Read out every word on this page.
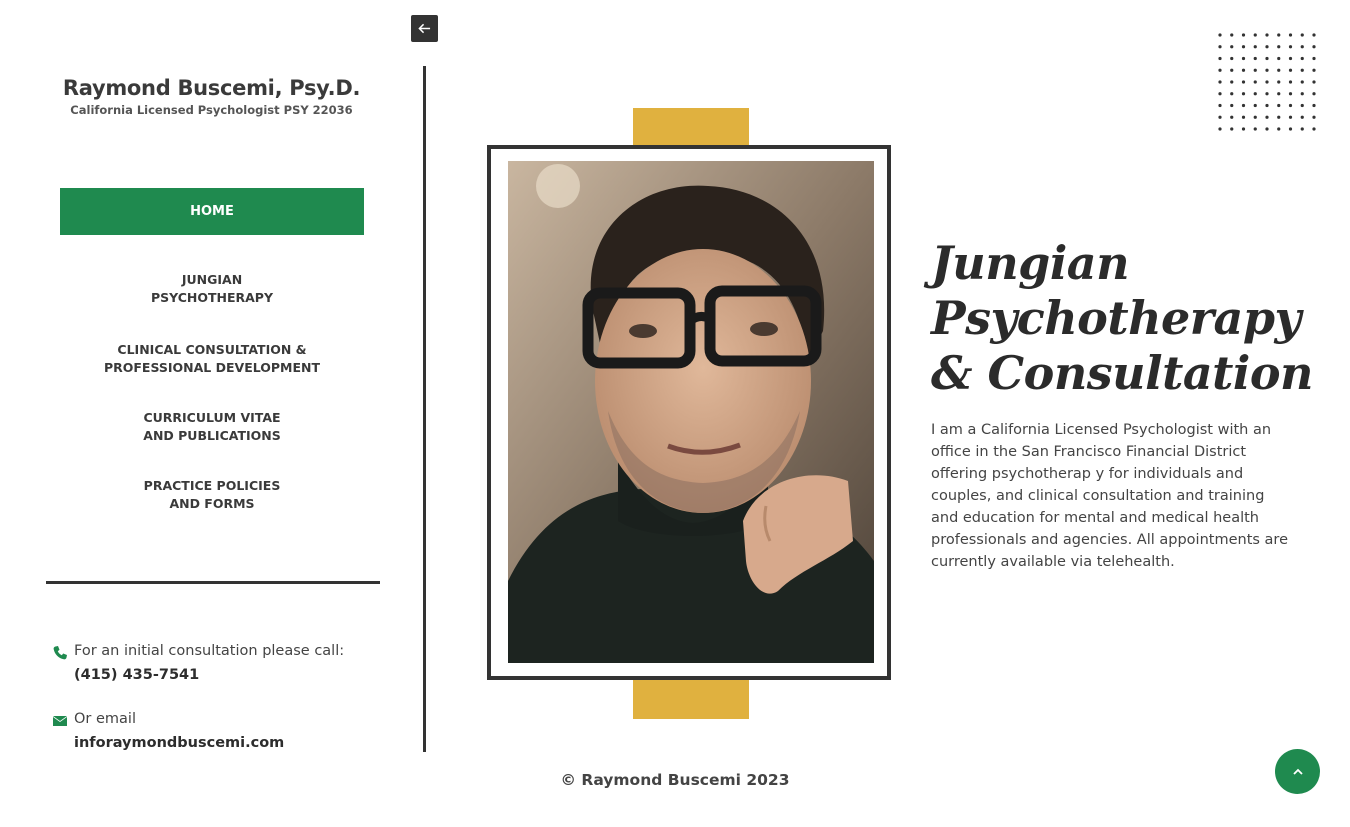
Raymond Buscemi, Psy.D.
California Licensed Psychologist PSY 22036
HOME
JUNGIAN
PSYCHOTHERAPY
CLINICAL CONSULTATION &
PROFESSIONAL DEVELOPMENT
CURRICULUM VITAE
AND PUBLICATIONS
PRACTICE POLICIES
AND FORMS
For an initial consultation please call:
(415) 435-7541
Or email
inforaymondbuscemi.com
Jungian Psychotherapy & Consultation
I am a California Licensed Psychologist with an office in the San Francisco Financial District offering psychotherap y for individuals and couples, and clinical consultation and training and education for mental and medical health professionals and agencies. All appointments are currently available via telehealth.
© Raymond Buscemi 2023
